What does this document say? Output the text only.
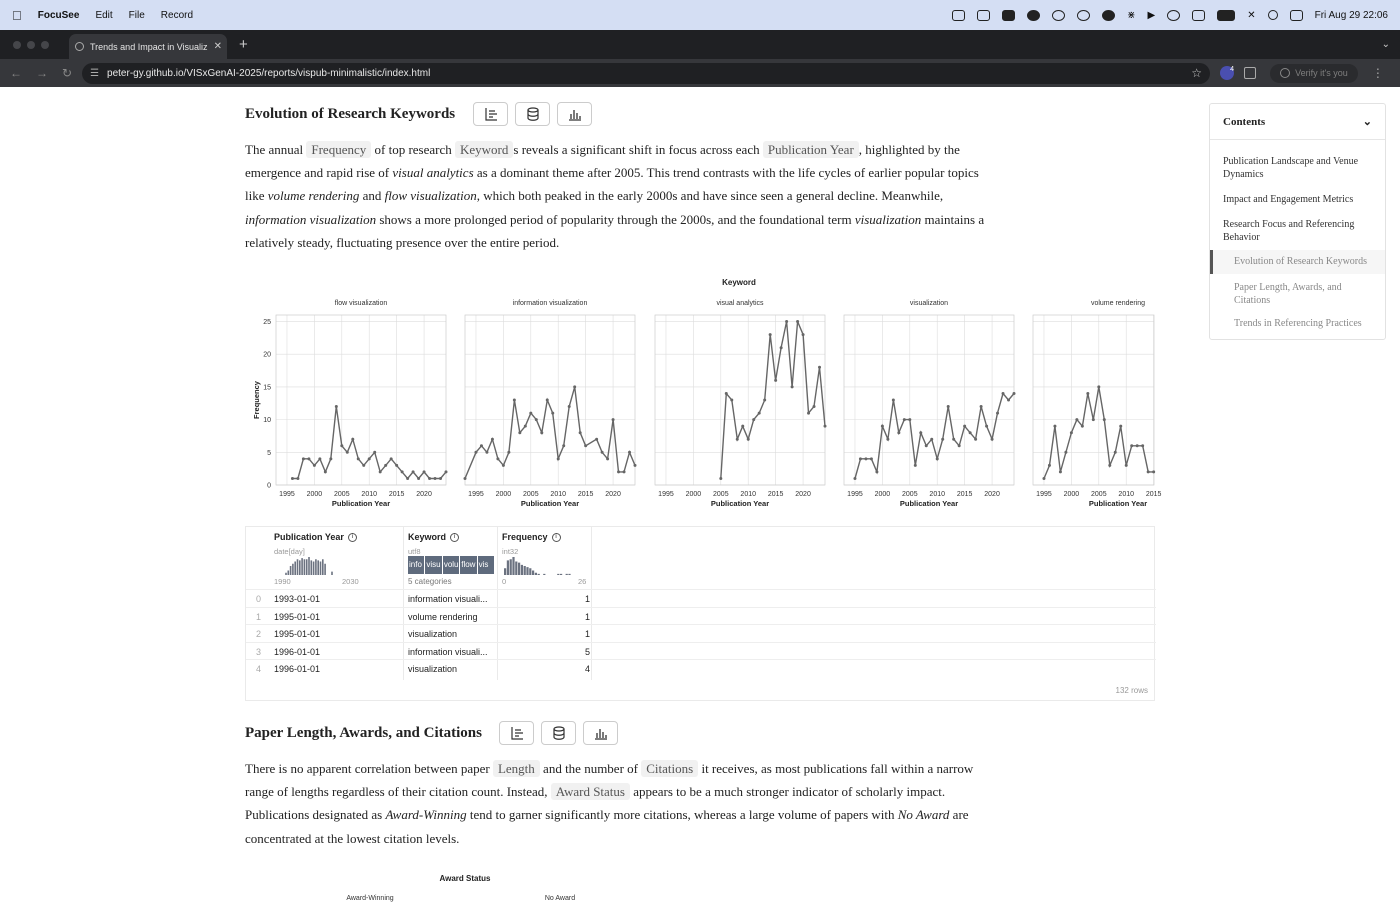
FocuSee Edit File Record	⋇ ▶	✕	Fri Aug 29 22:06
Trends and Impact in Visualiz ✕ +	⌄
← → ↻ ☰ peter-gy.github.io/VISxGenAI-2025/reports/vispub-minimalistic/index.html	☆	4	Verify it's you ⋮
Evolution of Research Keywords
The annual Frequency of top research Keyword s reveals a significant shift in focus across each Publication Year , highlighted by the emergence and rapid rise of visual analytics as a dominant theme after 2005. This trend contrasts with the life cycles of earlier popular topics like volume rendering and flow visualization, which both peaked in the early 2000s and have since seen a general decline. Meanwhile, information visualization shows a more prolonged period of popularity through the 2000s, and the foundational term visualization maintains a relatively steady, fluctuating presence over the entire period.
Keyword
Frequency
flow visualization
0
5
10
15
20
25
1995 2000 2005 2010 2015 2020
Publication Year
information visualization
1995 2000 2005 2010 2015 2020
Publication Year
visual analytics
1995 2000 2005 2010 2015 2020
Publication Year
visualization
1995 2000 2005 2010 2015 2020
Publication Year
volume rendering
1995 2000 2005 2010 2015
Publication Year
Publication Year	i
date[day]
1990	2030
Keyword	i
utf8
info visu volu flow vis
5 categories
Frequency	i
int32
0	26
0 1993-01-01	information visuali...	1
1 1995-01-01	volume rendering	1
2 1995-01-01	visualization	1
3 1996-01-01	information visuali...	5
4 1996-01-01	visualization	4
132 rows
Paper Length, Awards, and Citations
There is no apparent correlation between paper Length and the number of Citations it receives, as most publications fall within a narrow range of lengths regardless of their citation count. Instead, Award Status appears to be a much stronger indicator of scholarly impact. Publications designated as Award-Winning tend to garner significantly more citations, whereas a large volume of papers with No Award are concentrated at the lowest citation levels.
Award Status
Award-Winning	No Award
Contents	⌄
Publication Landscape and Venue Dynamics
Impact and Engagement Metrics
Research Focus and Referencing Behavior
Evolution of Research Keywords
Paper Length, Awards, and Citations
Trends in Referencing Practices
